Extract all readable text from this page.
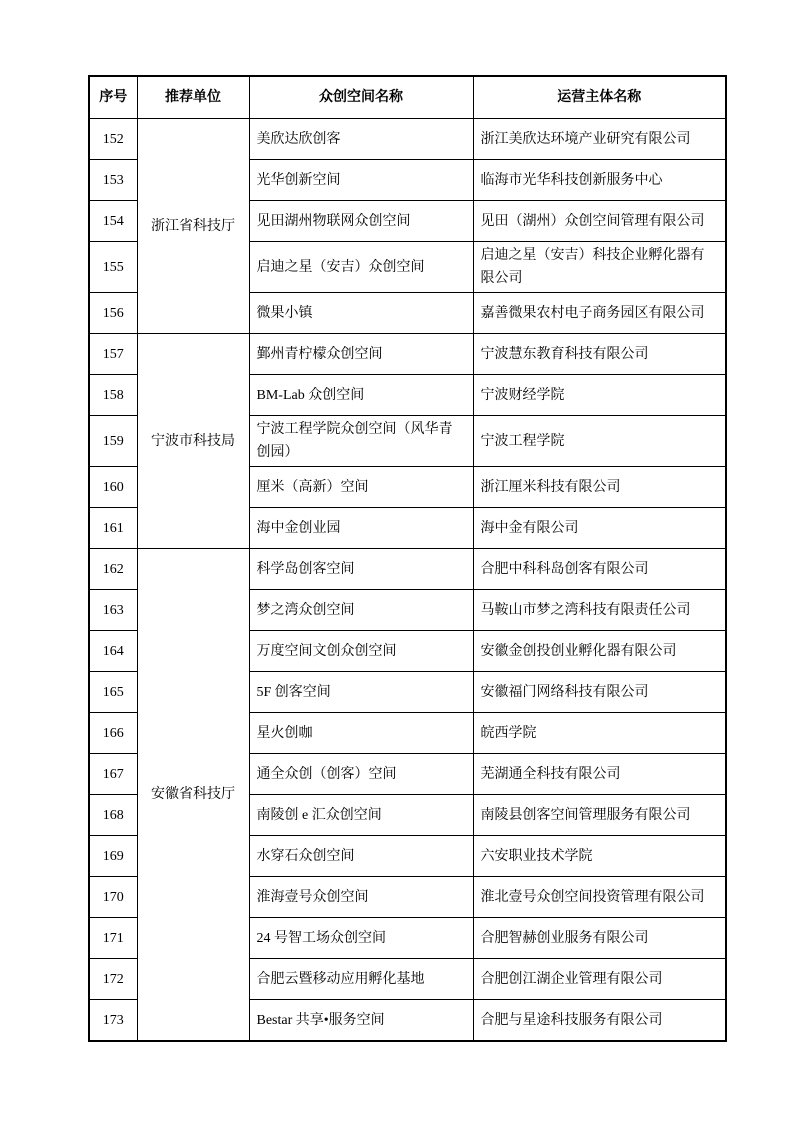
序号	推荐单位	众创空间名称	运营主体名称
152	浙江省科技厅	美欣达欣创客	浙江美欣达环境产业研究有限公司
153		光华创新空间	临海市光华科技创新服务中心
154		见田湖州物联网众创空间	见田（湖州）众创空间管理有限公司
155		启迪之星（安吉）众创空间	启迪之星（安吉）科技企业孵化器有限公司
156		微果小镇	嘉善微果农村电子商务园区有限公司
157	宁波市科技局	鄞州青柠檬众创空间	宁波慧东教育科技有限公司
158		BM-Lab 众创空间	宁波财经学院
159		宁波工程学院众创空间（风华青创园）	宁波工程学院
160		厘米（高新）空间	浙江厘米科技有限公司
161		海中金创业园	海中金有限公司
162	安徽省科技厅	科学岛创客空间	合肥中科科岛创客有限公司
163		梦之湾众创空间	马鞍山市梦之湾科技有限责任公司
164		万度空间文创众创空间	安徽金创投创业孵化器有限公司
165		5F 创客空间	安徽福门网络科技有限公司
166		星火创咖	皖西学院
167		通全众创（创客）空间	芜湖通全科技有限公司
168		南陵创 e 汇众创空间	南陵县创客空间管理服务有限公司
169		水穿石众创空间	六安职业技术学院
170		淮海壹号众创空间	淮北壹号众创空间投资管理有限公司
171		24 号智工场众创空间	合肥智赫创业服务有限公司
172		合肥云暨移动应用孵化基地	合肥创江湖企业管理有限公司
173		Bestar 共享•服务空间	合肥与星途科技服务有限公司
